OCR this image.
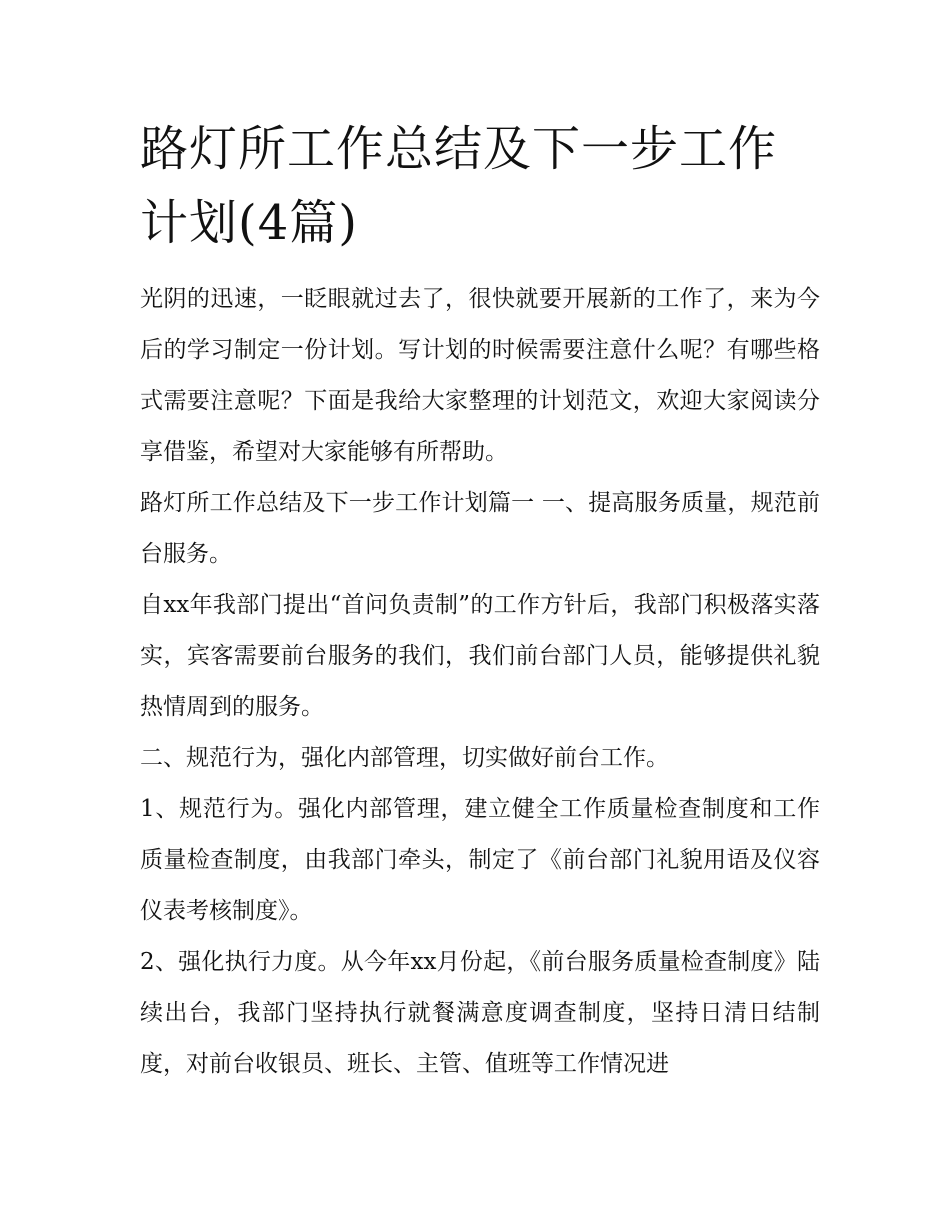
路灯所工作总结及下一步工作计划(4篇)

光阴的迅速，一眨眼就过去了，很快就要开展新的工作了，来为今后的学习制定一份计划。写计划的时候需要注意什么呢？有哪些格式需要注意呢？下面是我给大家整理的计划范文，欢迎大家阅读分享借鉴，希望对大家能够有所帮助。

路灯所工作总结及下一步工作计划篇一 一、提高服务质量，规范前台服务。

自xx年我部门提出“首问负责制”的工作方针后，我部门积极落实落实，宾客需要前台服务的我们，我们前台部门人员，能够提供礼貌热情周到的服务。

二、规范行为，强化内部管理，切实做好前台工作。

1、规范行为。强化内部管理，建立健全工作质量检查制度和工作质量检查制度，由我部门牵头，制定了《前台部门礼貌用语及仪容仪表考核制度》。

2、强化执行力度。从今年xx月份起，《前台服务质量检查制度》陆续出台，我部门坚持执行就餐满意度调查制度，坚持日清日结制度，对前台收银员、班长、主管、值班等工作情况进
